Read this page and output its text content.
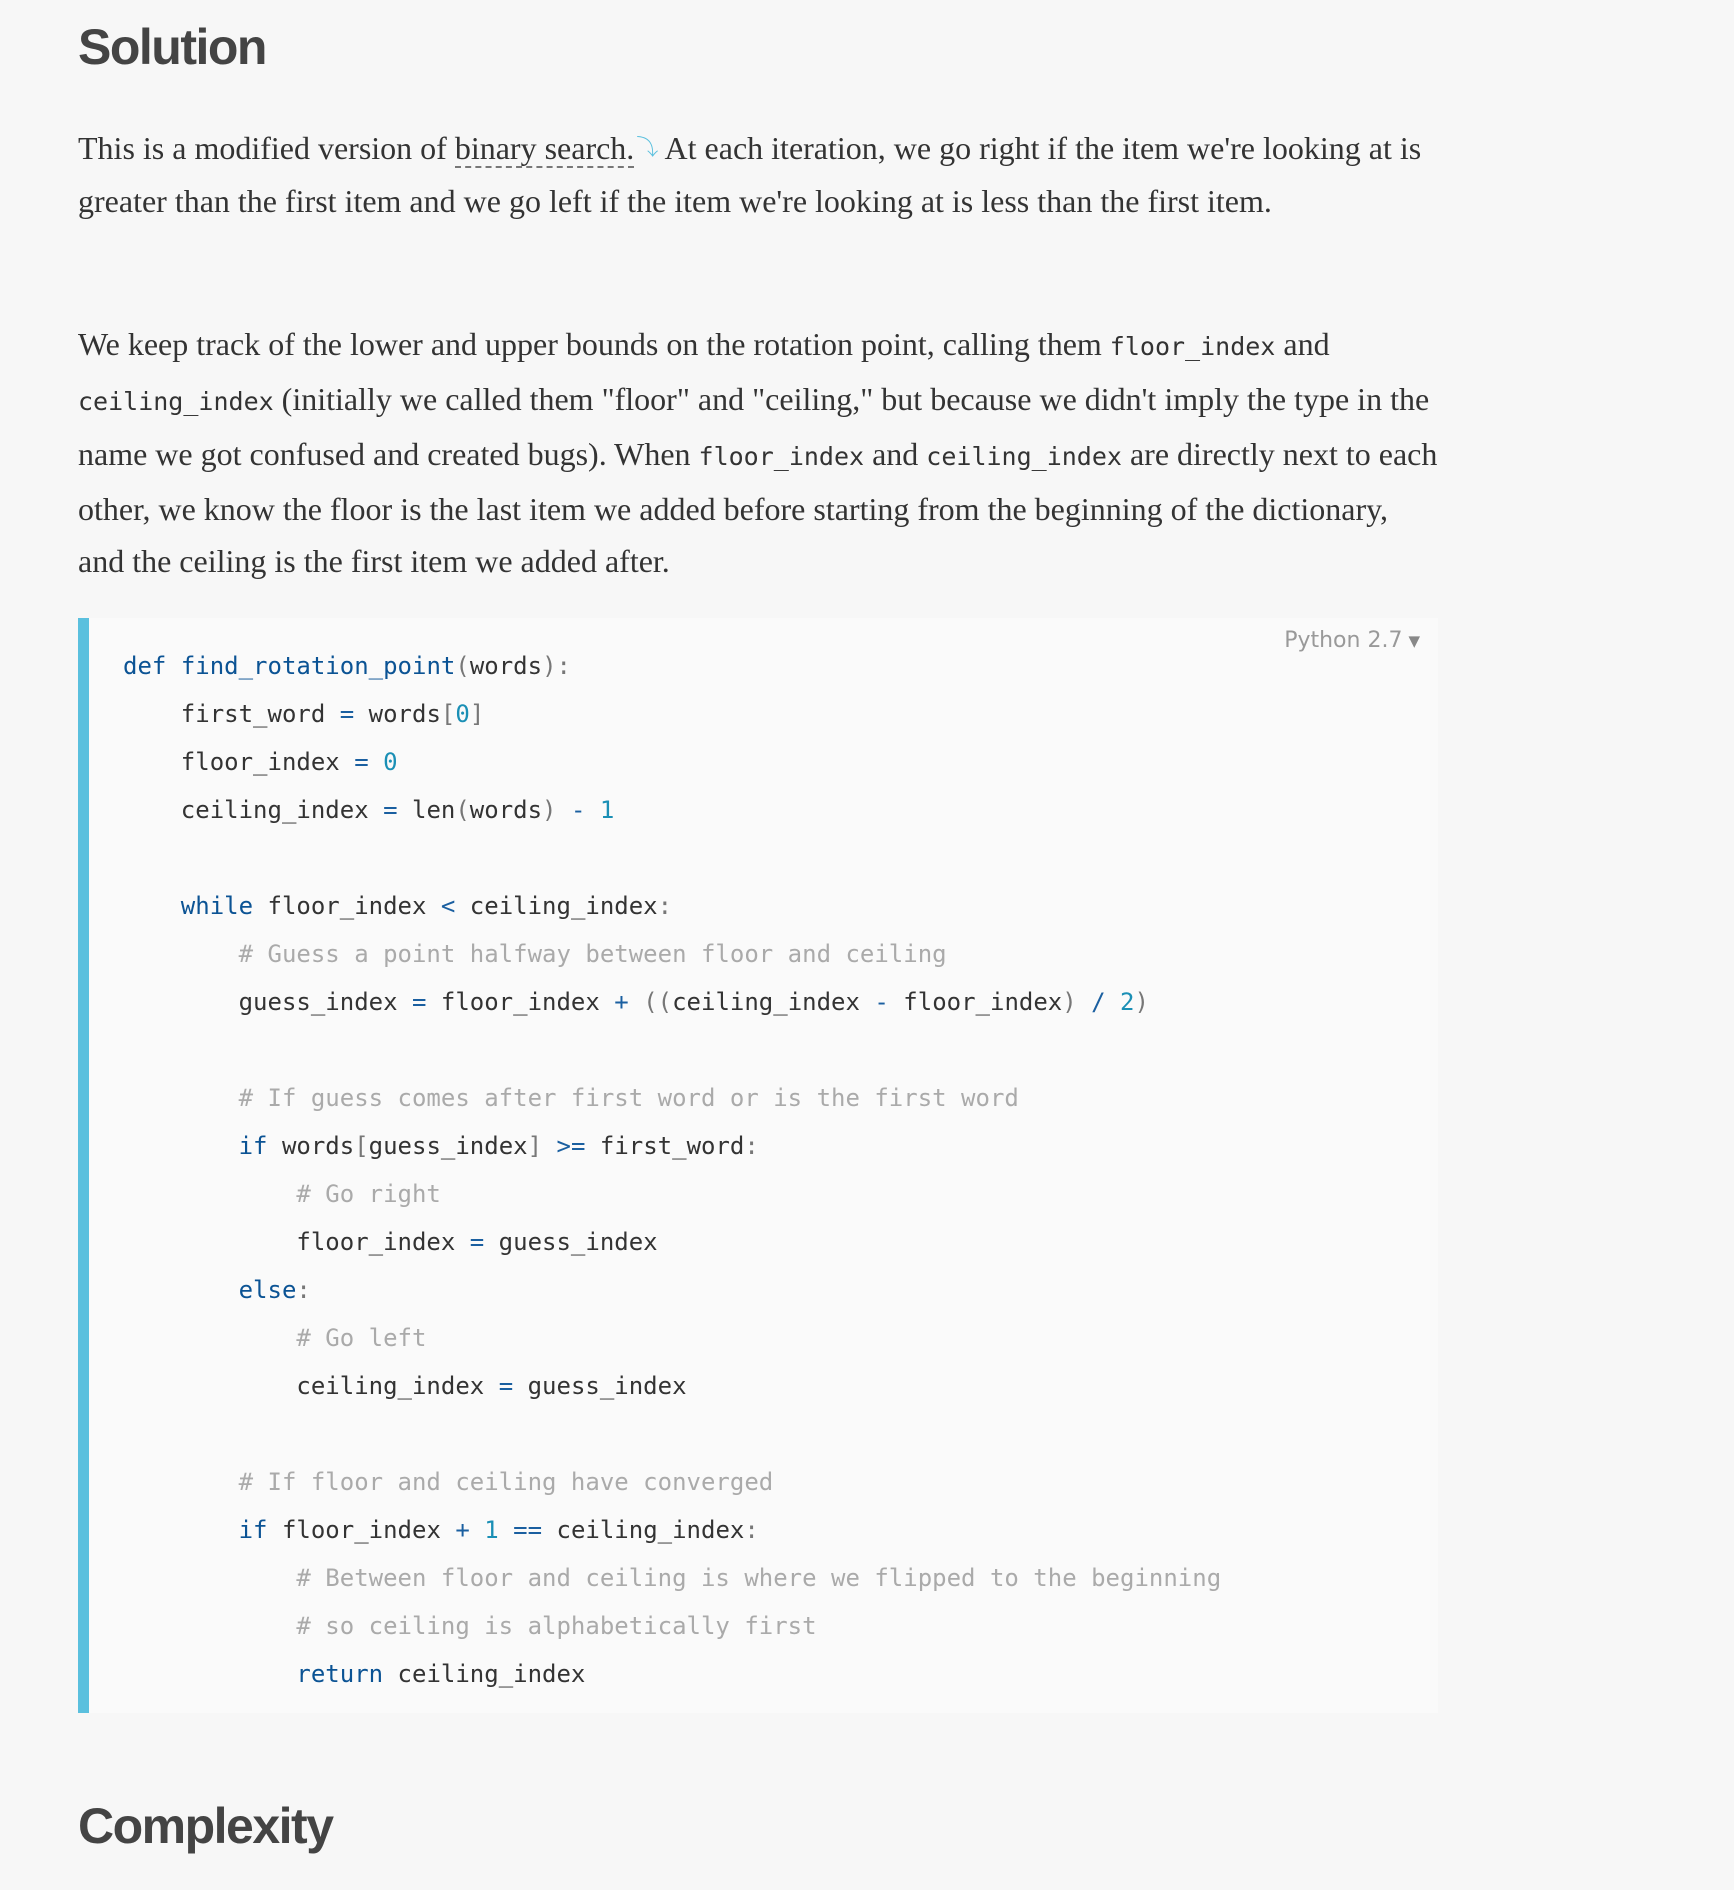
Solution

This is a modified version of binary search.⤵ At each iteration, we go right if the item we're looking at is greater than the first item and we go left if the item we're looking at is less than the first item.

We keep track of the lower and upper bounds on the rotation point, calling them floor_index and ceiling_index (initially we called them "floor" and "ceiling," but because we didn't imply the type in the name we got confused and created bugs). When floor_index and ceiling_index are directly next to each other, we know the floor is the last item we added before starting from the beginning of the dictionary, and the ceiling is the first item we added after.

Python 2.7 ▼
def find_rotation_point(words):
first_word = words[0]
floor_index = 0
ceiling_index = len(words) - 1

while floor_index < ceiling_index:
# Guess a point halfway between floor and ceiling
guess_index = floor_index + ((ceiling_index - floor_index) / 2)

# If guess comes after first word or is the first word
if words[guess_index] >= first_word:
# Go right
floor_index = guess_index
else:
# Go left
ceiling_index = guess_index

# If floor and ceiling have converged
if floor_index + 1 == ceiling_index:
# Between floor and ceiling is where we flipped to the beginning
# so ceiling is alphabetically first
return ceiling_index
Complexity
